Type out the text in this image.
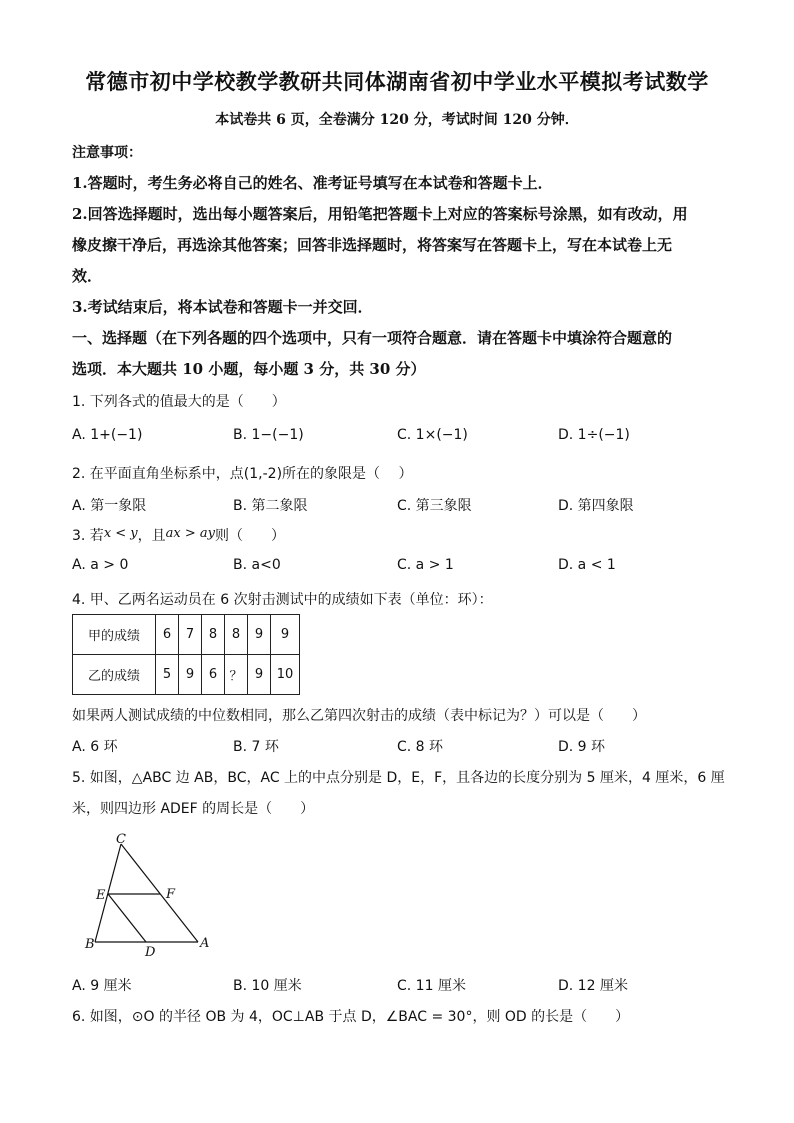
常德市初中学校教学教研共同体湖南省初中学业水平模拟考试数学
本试卷共 6 页，全卷满分 120 分，考试时间 120 分钟．
注意事项：
1.答题时，考生务必将自己的姓名、准考证号填写在本试卷和答题卡上．
2.回答选择题时，选出每小题答案后，用铅笔把答题卡上对应的答案标号涂黑，如有改动，用
橡皮擦干净后，再选涂其他答案；回答非选择题时，将答案写在答题卡上，写在本试卷上无
效．
3.考试结束后，将本试卷和答题卡一并交回．
一、选择题（在下列各题的四个选项中，只有一项符合题意．请在答题卡中填涂符合题意的
选项．本大题共 10 小题，每小题 3 分，共 30 分）
1. 下列各式的值最大的是（　　）
A. 1+(−1)	B. 1−(−1)	C. 1×(−1)	D. 1÷(−1)
2. 在平面直角坐标系中，点(1,-2)所在的象限是（　 ）
A. 第一象限	B. 第二象限	C. 第三象限	D. 第四象限
3. 若x < y，且ax > ay则（　　）
A. a > 0	B. a<0	C. a > 1	D. a < 1
4. 甲、乙两名运动员在 6 次射击测试中的成绩如下表（单位：环）：
甲的成绩	6	7	8	8	9	9
乙的成绩	5	9	6	？	9	10
如果两人测试成绩的中位数相同，那么乙第四次射击的成绩（表中标记为？）可以是（　　）
A. 6 环	B. 7 环	C. 8 环	D. 9 环
5. 如图，△ABC 边 AB，BC，AC 上的中点分别是 D，E，F，且各边的长度分别为 5 厘米，4 厘米，6 厘
米，则四边形 ADEF 的周长是（　　）
C
E	F
B
D
A
A. 9 厘米	B. 10 厘米	C. 11 厘米	D. 12 厘米
6. 如图，⊙O 的半径 OB 为 4，OC⊥AB 于点 D，∠BAC = 30°，则 OD 的长是（　　）
